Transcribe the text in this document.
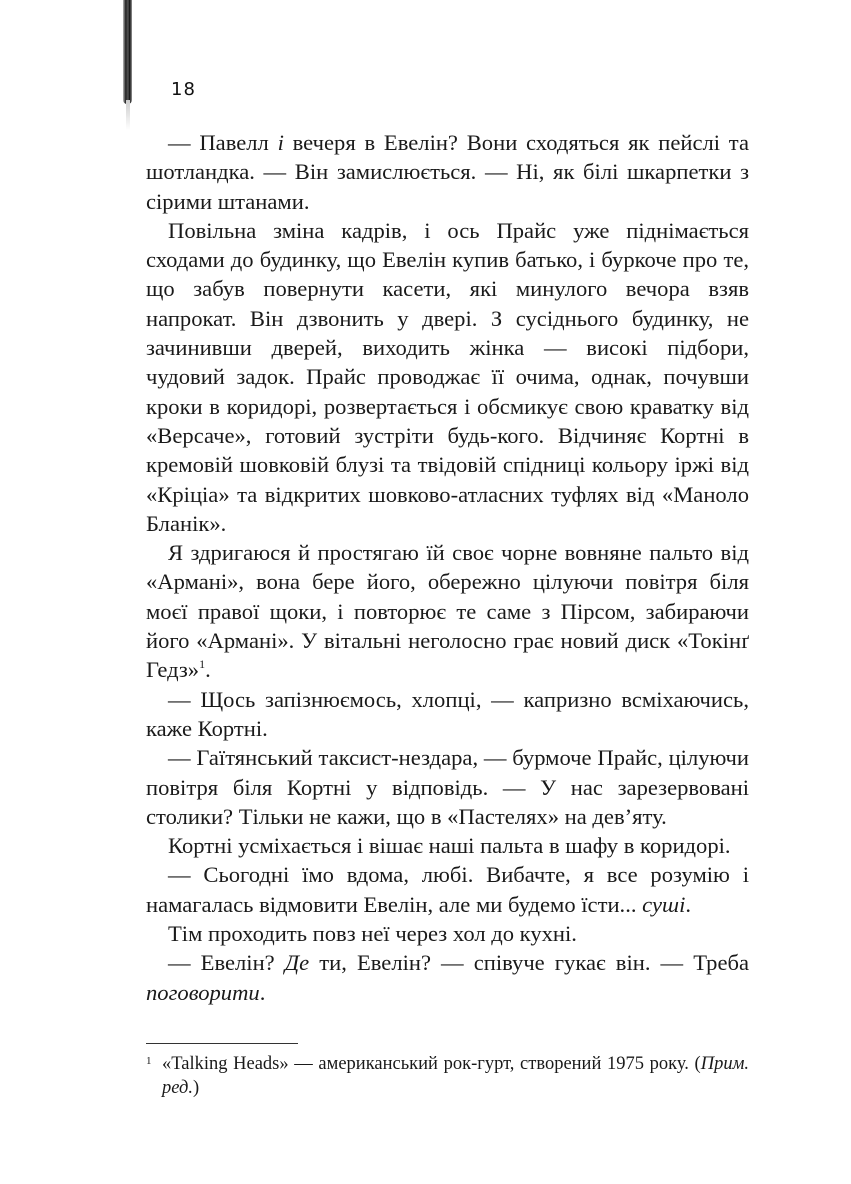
18

— Павелл і вечеря в Евелін? Вони сходяться як пейслі та шотландка. — Він замислюється. — Ні, як білі шкарпетки з сірими штанами.

Повільна зміна кадрів, і ось Прайс уже піднімається сходами до будинку, що Евелін купив батько, і буркоче про те, що забув повернути касети, які минулого вечора взяв напрокат. Він дзвонить у двері. З сусіднього будинку, не зачинивши дверей, виходить жінка — високі підбори, чудовий задок. Прайс проводжає її очима, однак, почувши кроки в коридорі, розвертається і обсмикує свою краватку від «Версаче», готовий зустріти будь-кого. Відчиняє Кортні в кремовій шовковій блузі та твідовій спідниці кольору іржі від «Кріціа» та відкритих шовково-атласних туфлях від «Маноло Бланік».

Я здригаюся й простягаю їй своє чорне вовняне пальто від «Армані», вона бере його, обережно цілуючи повітря біля моєї правої щоки, і повторює те саме з Пірсом, забираючи його «Армані». У вітальні неголосно грає новий диск «Токінґ Гедз»$^1$.

— Щось запізнюємось, хлопці, — капризно всміхаючись, каже Кортні.

— Гаїтянський таксист-нездара, — бурмоче Прайс, цілуючи повітря біля Кортні у відповідь. — У нас зарезервовані столики? Тільки не кажи, що в «Пастелях» на дев’яту.

Кортні усміхається і вішає наші пальта в шафу в коридорі.

— Сьогодні їмо вдома, любі. Вибачте, я все розумію і намагалась відмовити Евелін, але ми будемо їсти... суші.

Тім проходить повз неї через хол до кухні.

— Евелін? Де ти, Евелін? — співуче гукає він. — Треба поговорити.

1 «Talking Heads» — американський рок-гурт, створений 1975 року. (Прим. ред.)
